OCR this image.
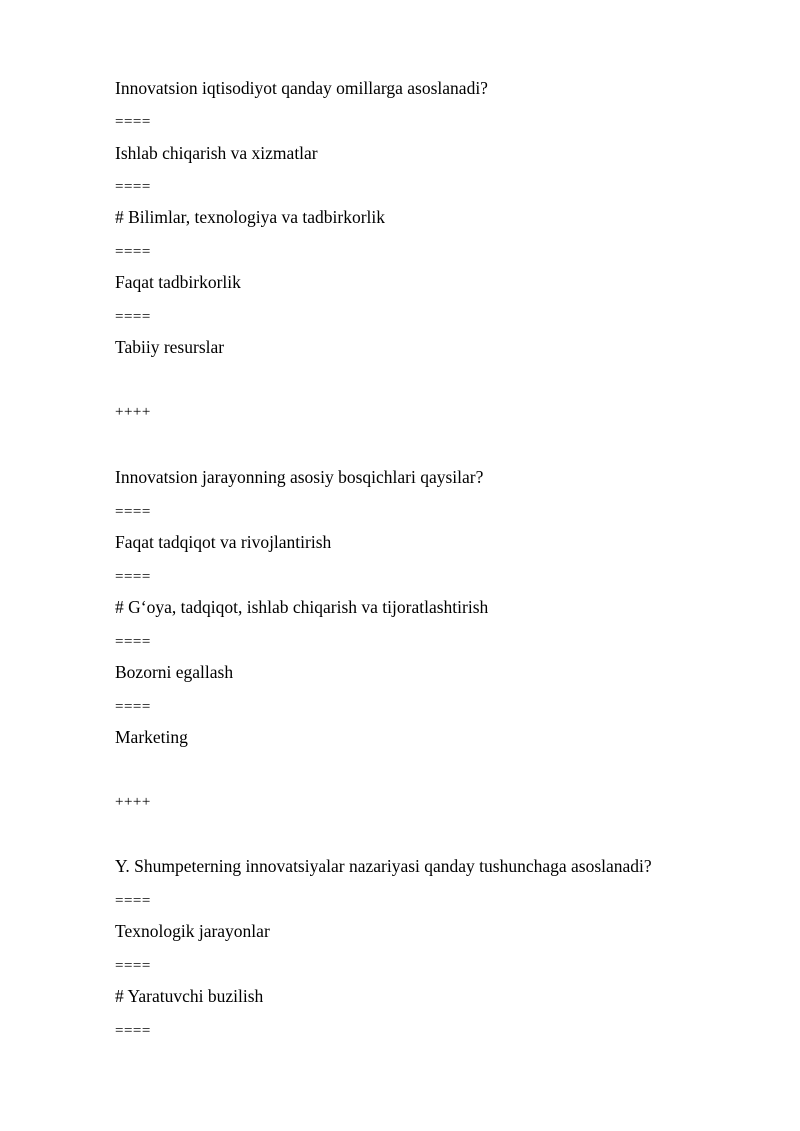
Innovatsion iqtisodiyot qanday omillarga asoslanadi?
====
Ishlab chiqarish va xizmatlar
====
# Bilimlar, texnologiya va tadbirkorlik
====
Faqat tadbirkorlik
====
Tabiiy resurslar
++++
Innovatsion jarayonning asosiy bosqichlari qaysilar?
====
Faqat tadqiqot va rivojlantirish
====
# G‘oya, tadqiqot, ishlab chiqarish va tijoratlashtirish
====
Bozorni egallash
====
Marketing
++++
Y. Shumpeterning innovatsiyalar nazariyasi qanday tushunchaga asoslanadi?
====
Texnologik jarayonlar
====
# Yaratuvchi buzilish
====
